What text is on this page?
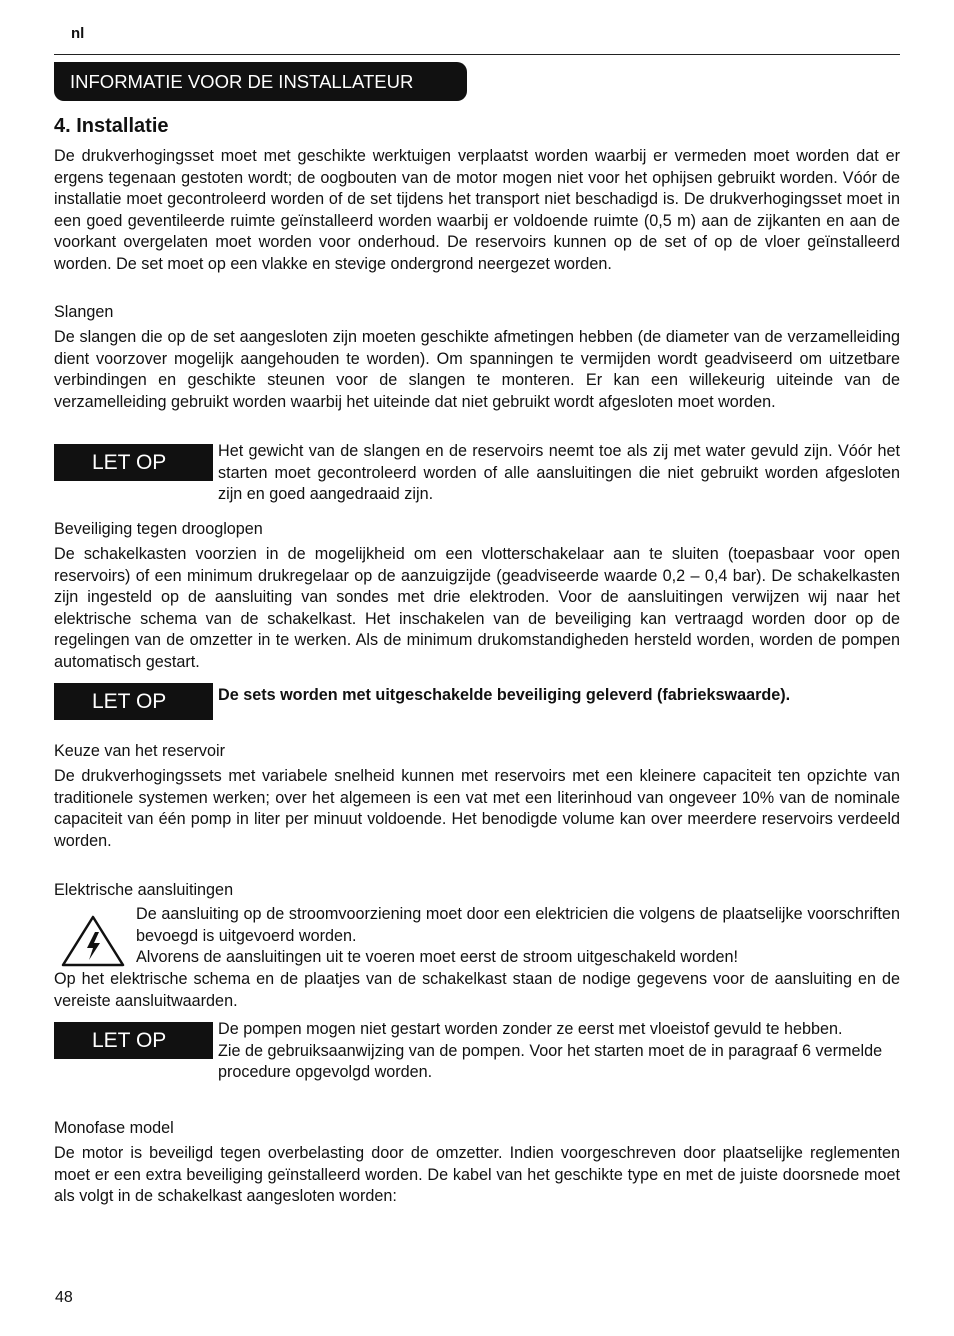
nl
INFORMATIE VOOR DE INSTALLATEUR
4. Installatie
De drukverhogingsset moet met geschikte werktuigen verplaatst worden waarbij er vermeden moet worden dat er ergens tegenaan gestoten wordt; de oogbouten van de motor mogen niet voor het ophijsen gebruikt worden. Vóór de installatie moet gecontroleerd worden of de set tijdens het transport niet beschadigd is. De drukverhogingsset moet in een goed geventileerde ruimte geïnstalleerd worden waarbij er voldoende ruimte (0,5 m) aan de zijkanten en aan de voorkant overgelaten moet worden voor onderhoud. De reservoirs kunnen op de set of op de vloer geïnstalleerd worden. De set moet op een vlakke en stevige ondergrond neergezet worden.
Slangen
De slangen die op de set aangesloten zijn moeten geschikte afmetingen hebben (de diameter van de verzamelleiding dient voorzover mogelijk aangehouden te worden). Om spanningen te vermijden wordt geadviseerd om uitzetbare verbindingen en geschikte steunen voor de slangen te monteren. Er kan een willekeurig uiteinde van de verzamelleiding gebruikt worden waarbij het uiteinde dat niet gebruikt wordt afgesloten moet worden.
LET OP	Het gewicht van de slangen en de reservoirs neemt toe als zij met water gevuld zijn. Vóór het starten moet gecontroleerd worden of alle aansluitingen die niet gebruikt worden afgesloten zijn en goed aangedraaid zijn.
Beveiliging tegen drooglopen
De schakelkasten voorzien in de mogelijkheid om een vlotterschakelaar aan te sluiten (toepasbaar voor open reservoirs) of een minimum drukregelaar op de aanzuigzijde (geadviseerde waarde 0,2 – 0,4 bar). De schakelkasten zijn ingesteld op de aansluiting van sondes met drie elektroden. Voor de aansluitingen verwijzen wij naar het elektrische schema van de schakelkast. Het inschakelen van de beveiliging kan vertraagd worden door op de regelingen van de omzetter in te werken. Als de minimum drukomstandigheden hersteld worden, worden de pompen automatisch gestart.
LET OP	De sets worden met uitgeschakelde beveiliging geleverd (fabriekswaarde).
Keuze van het reservoir
De drukverhogingssets met variabele snelheid kunnen met reservoirs met een kleinere capaciteit ten opzichte van traditionele systemen werken; over het algemeen is een vat met een literinhoud van ongeveer 10% van de nominale capaciteit van één pomp in liter per minuut voldoende. Het benodigde volume kan over meerdere reservoirs verdeeld worden.
Elektrische aansluitingen
De aansluiting op de stroomvoorziening moet door een elektricien die volgens de plaatselijke voorschriften bevoegd is uitgevoerd worden.
Alvorens de aansluitingen uit te voeren moet eerst de stroom uitgeschakeld worden!
Op het elektrische schema en de plaatjes van de schakelkast staan de nodige gegevens voor de aansluiting en de vereiste aansluitwaarden.
LET OP	De pompen mogen niet gestart worden zonder ze eerst met vloeistof gevuld te hebben.
Zie de gebruiksaanwijzing van de pompen. Voor het starten moet de in paragraaf 6 vermelde procedure opgevolgd worden.
Monofase model
De motor is beveiligd tegen overbelasting door de omzetter. Indien voorgeschreven door plaatselijke reglementen moet er een extra beveiliging geïnstalleerd worden. De kabel van het geschikte type en met de juiste doorsnede moet als volgt in de schakelkast aangesloten worden:
48
